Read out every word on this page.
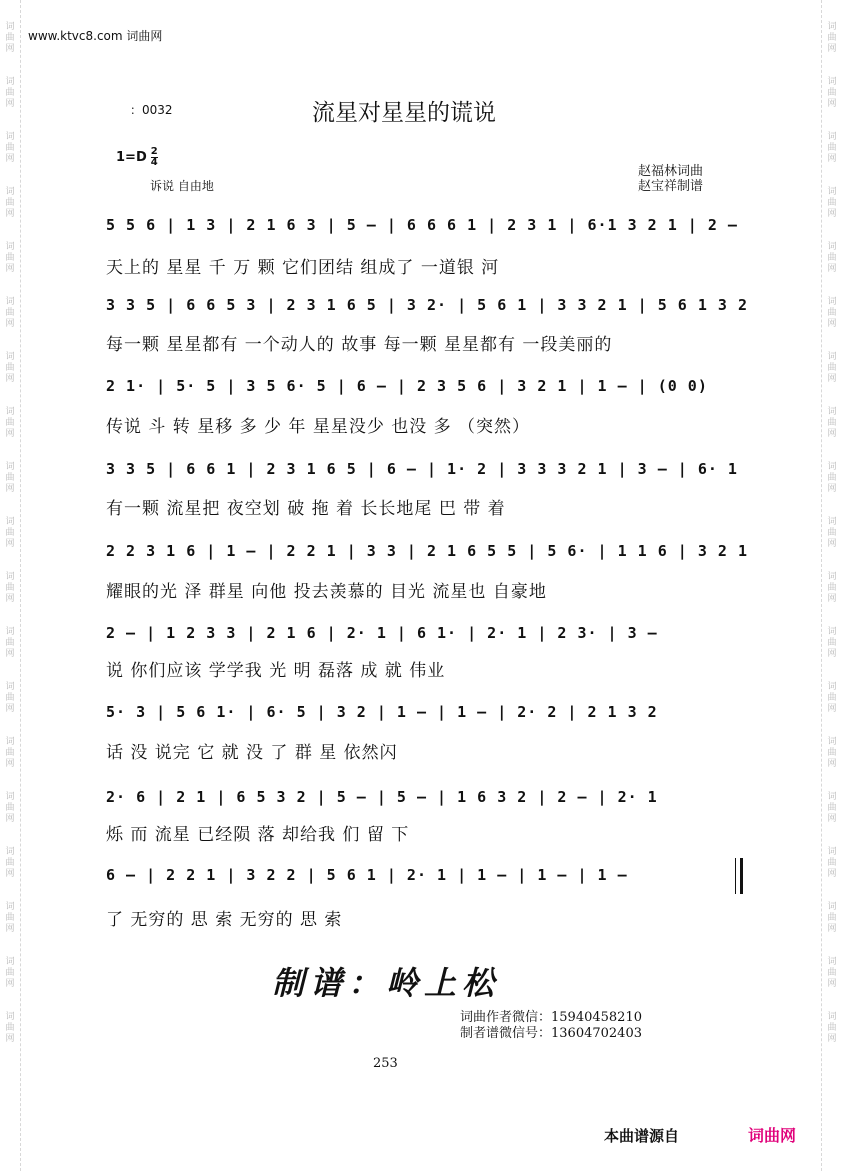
词
曲
网
词
曲
网
词
曲
网
词
曲
网
词
曲
网
词
曲
网
词
曲
网
词
曲
网
词
曲
网
词
曲
网
词
曲
网
词
曲
网
词
曲
网
词
曲
网
词
曲
网
词
曲
网
词
曲
网
词
曲
网
词
曲
网
词
曲
网
词
曲
网
词
曲
网
词
曲
网
词
曲
网
词
曲
网
词
曲
网
词
曲
网
词
曲
网
词
曲
网
词
曲
网
词
曲
网
词
曲
网
词
曲
网
词
曲
网
词
曲
网
词
曲
网
词
曲
网
词
曲
网
www.ktvc8.com 词曲网
：0032	流星对星星的谎说
$1=D \frac{2}{4}$
诉说 自由地
赵福林词曲
赵宝祥制谱
5 5 6 | 1 3 | 2 1 6 3 | 5 – | 6 6 6 1 | 2 3 1 | 6·1 3 2 1 | 2 –
天上的 星星 千 万 颗 它们团结 组成了 一道银 河
3 3 5 | 6 6 5 3 | 2 3 1 6 5 | 3 2· | 5 6 1 | 3 3 2 1 | 5 6 1 3 2
每一颗 星星都有 一个动人的 故事 每一颗 星星都有 一段美丽的
2 1· | 5· 5 | 3 5 6· 5 | 6 – | 2 3 5 6 | 3 2 1 | 1 – | (0 0)
传说 斗 转 星移 多 少 年 星星没少 也没 多 （突然）
3 3 5 | 6 6 1 | 2 3 1 6 5 | 6 – | 1· 2 | 3 3 3 2 1 | 3 – | 6· 1
有一颗 流星把 夜空划 破 拖 着 长长地尾 巴 带 着
2 2 3 1 6 | 1 – | 2 2 1 | 3 3 | 2 1 6 5 5 | 5 6· | 1 1 6 | 3 2 1
耀眼的光 泽 群星 向他 投去羡慕的 目光 流星也 自豪地
2 – | 1 2 3 3 | 2 1 6 | 2· 1 | 6 1· | 2· 1 | 2 3· | 3 –
说 你们应该 学学我 光 明 磊落 成 就 伟业
5· 3 | 5 6 1· | 6· 5 | 3 2 | 1 – | 1 – | 2· 2 | 2 1 3 2
话 没 说完 它 就 没 了 群 星 依然闪
2· 6 | 2 1 | 6 5 3 2 | 5 – | 5 – | 1 6 3 2 | 2 – | 2· 1
烁 而 流星 已经陨 落 却给我 们 留 下
6 – | 2 2 1 | 3 2 2 | 5 6 1 | 2· 1 | 1 – | 1 – | 1 –
了 无穷的 思 索 无穷的 思 索
制谱：岭上松
词曲作者微信：15940458210
制者谱微信号：13604702403
253
本曲谱源自	词曲网
